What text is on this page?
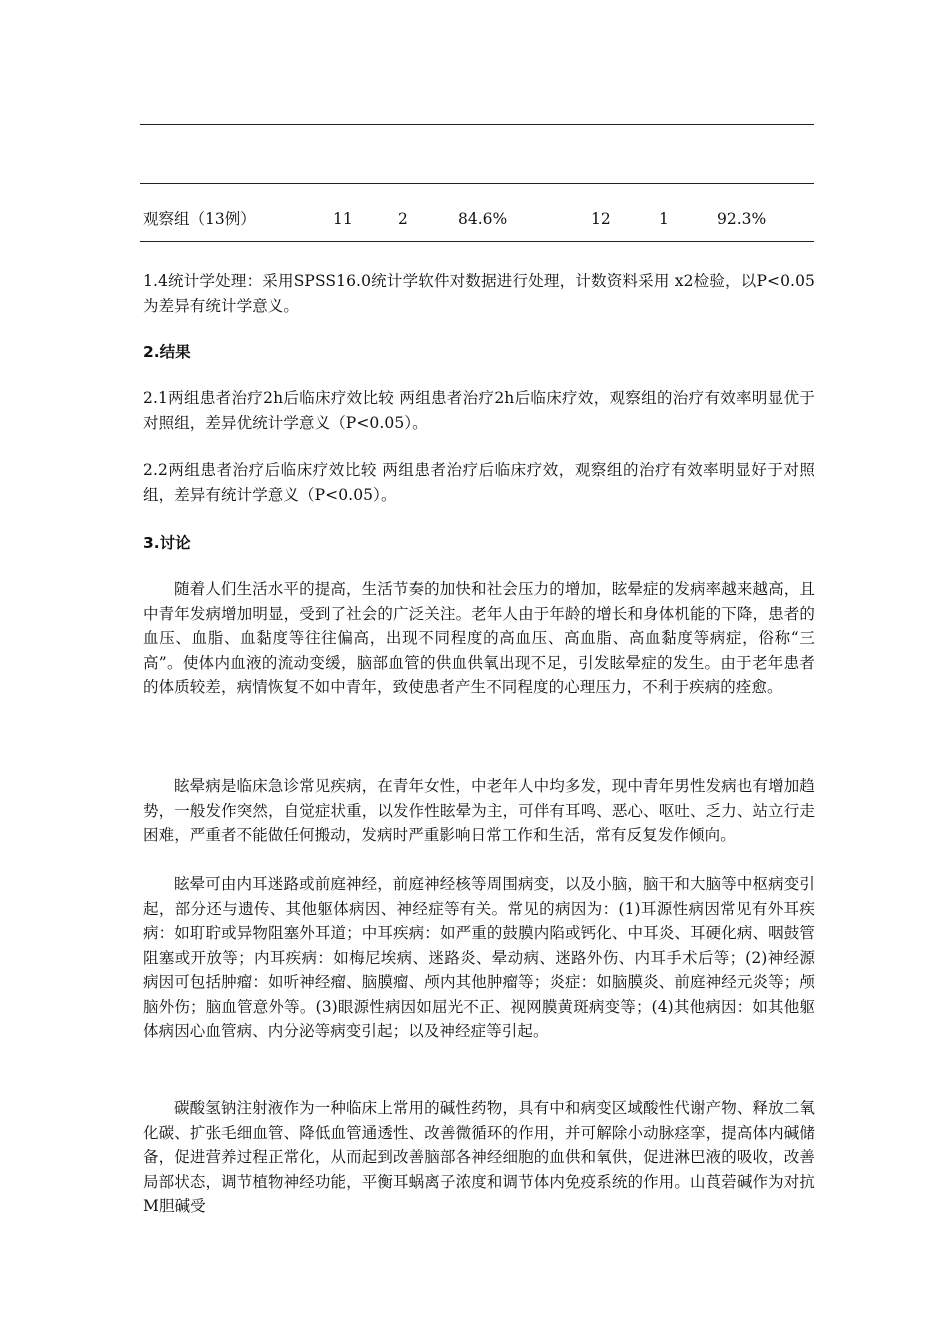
观察组（13例）	11	2	84.6%	12	1	92.3%

1.4统计学处理：采用SPSS16.0统计学软件对数据进行处理，计数资料采用 x2检验，以P<0.05为差异有统计学意义。

2.结果

2.1两组患者治疗2h后临床疗效比较 两组患者治疗2h后临床疗效，观察组的治疗有效率明显优于对照组，差异优统计学意义（P<0.05）。

2.2两组患者治疗后临床疗效比较 两组患者治疗后临床疗效，观察组的治疗有效率明显好于对照组，差异有统计学意义（P<0.05）。

3.讨论

随着人们生活水平的提高，生活节奏的加快和社会压力的增加，眩晕症的发病率越来越高，且中青年发病增加明显，受到了社会的广泛关注。老年人由于年龄的增长和身体机能的下降，患者的血压、血脂、血黏度等往往偏高，出现不同程度的高血压、高血脂、高血黏度等病症，俗称“三高”。使体内血液的流动变缓，脑部血管的供血供氧出现不足，引发眩晕症的发生。由于老年患者的体质较差，病情恢复不如中青年，致使患者产生不同程度的心理压力，不利于疾病的痊愈。

眩晕病是临床急诊常见疾病，在青年女性，中老年人中均多发，现中青年男性发病也有增加趋势，一般发作突然，自觉症状重，以发作性眩晕为主，可伴有耳鸣、恶心、呕吐、乏力、站立行走困难，严重者不能做任何搬动，发病时严重影响日常工作和生活，常有反复发作倾向。

眩晕可由内耳迷路或前庭神经，前庭神经核等周围病变，以及小脑，脑干和大脑等中枢病变引起，部分还与遗传、其他躯体病因、神经症等有关。常见的病因为：(1)耳源性病因常见有外耳疾病：如耵聍或异物阻塞外耳道；中耳疾病：如严重的鼓膜内陷或钙化、中耳炎、耳硬化病、咽鼓管阻塞或开放等；内耳疾病：如梅尼埃病、迷路炎、晕动病、迷路外伤、内耳手术后等；(2)神经源病因可包括肿瘤：如听神经瘤、脑膜瘤、颅内其他肿瘤等；炎症：如脑膜炎、前庭神经元炎等；颅脑外伤；脑血管意外等。(3)眼源性病因如屈光不正、视网膜黄斑病变等；(4)其他病因：如其他躯体病因心血管病、内分泌等病变引起；以及神经症等引起。

碳酸氢钠注射液作为一种临床上常用的碱性药物，具有中和病变区域酸性代谢产物、释放二氧化碳、扩张毛细血管、降低血管通透性、改善微循环的作用，并可解除小动脉痉挛，提高体内碱储备，促进营养过程正常化，从而起到改善脑部各神经细胞的血供和氧供，促进淋巴液的吸收，改善局部状态，调节植物神经功能，平衡耳蜗离子浓度和调节体内免疫系统的作用。山莨菪碱作为对抗M胆碱受
